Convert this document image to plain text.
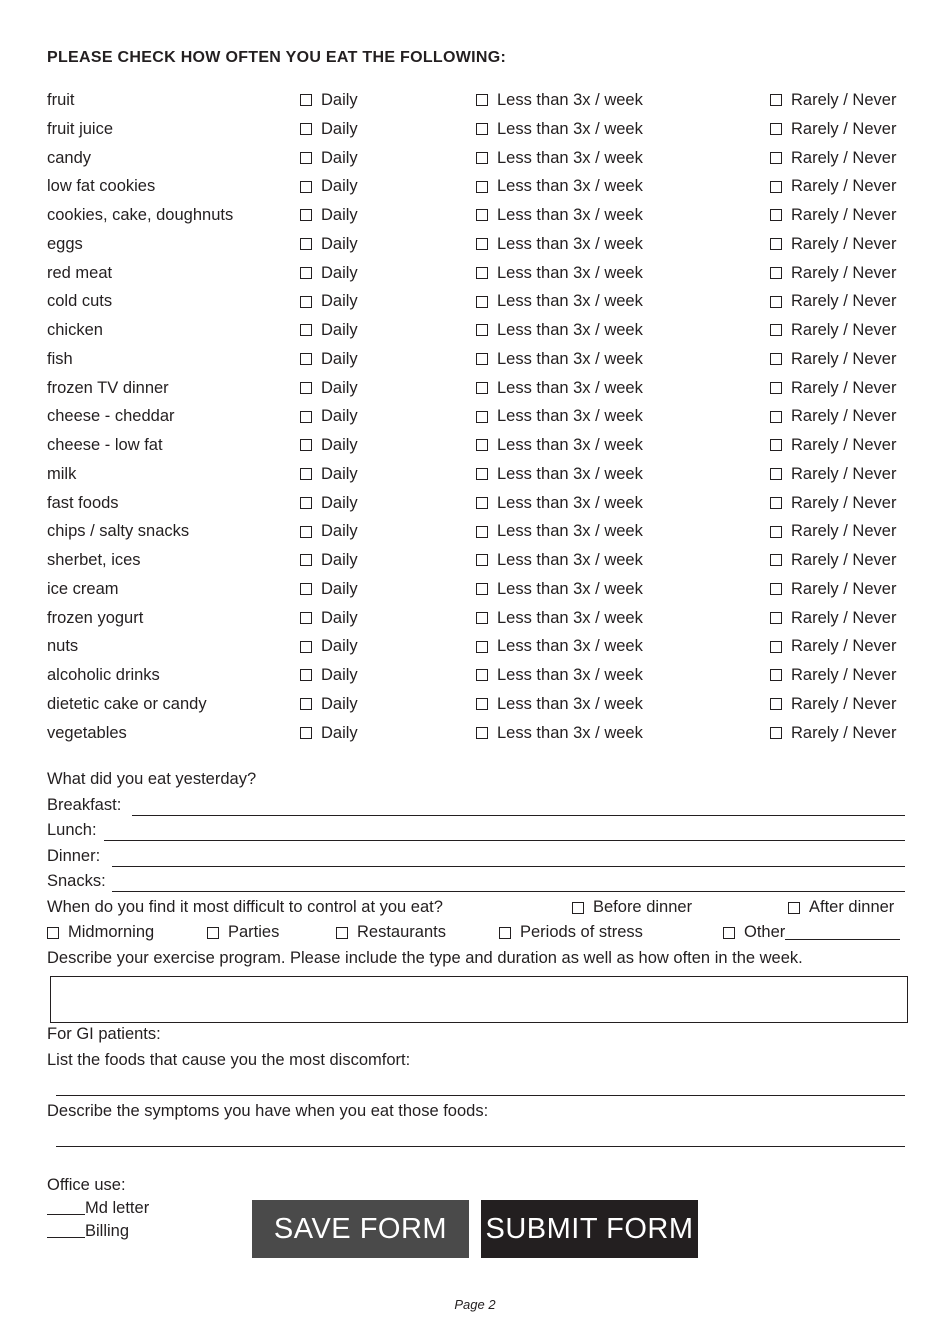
PLEASE CHECK HOW OFTEN YOU EAT THE FOLLOWING:
fruit	Daily	Less than 3x / week	Rarely / Never
fruit juice	Daily	Less than 3x / week	Rarely / Never
candy	Daily	Less than 3x / week	Rarely / Never
low fat cookies	Daily	Less than 3x / week	Rarely / Never
cookies, cake, doughnuts	Daily	Less than 3x / week	Rarely / Never
eggs	Daily	Less than 3x / week	Rarely / Never
red meat	Daily	Less than 3x / week	Rarely / Never
cold cuts	Daily	Less than 3x / week	Rarely / Never
chicken	Daily	Less than 3x / week	Rarely / Never
fish	Daily	Less than 3x / week	Rarely / Never
frozen TV dinner	Daily	Less than 3x / week	Rarely / Never
cheese - cheddar	Daily	Less than 3x / week	Rarely / Never
cheese - low fat	Daily	Less than 3x / week	Rarely / Never
milk	Daily	Less than 3x / week	Rarely / Never
fast foods	Daily	Less than 3x / week	Rarely / Never
chips / salty snacks	Daily	Less than 3x / week	Rarely / Never
sherbet, ices	Daily	Less than 3x / week	Rarely / Never
ice cream	Daily	Less than 3x / week	Rarely / Never
frozen yogurt	Daily	Less than 3x / week	Rarely / Never
nuts	Daily	Less than 3x / week	Rarely / Never
alcoholic drinks	Daily	Less than 3x / week	Rarely / Never
dietetic cake or candy	Daily	Less than 3x / week	Rarely / Never
vegetables	Daily	Less than 3x / week	Rarely / Never
What did you eat yesterday?
Breakfast:
Lunch:
Dinner:
Snacks:
When do you find it most difficult to control at you eat?	Before dinner	After dinner
Midmorning	Parties	Restaurants	Periods of stress	Other
Describe your exercise program. Please include the type and duration as well as how often in the week.
For GI patients:
List the foods that cause you the most discomfort:
Describe the symptoms you have when you eat those foods:
Office use:
Md letter
Billing	SAVE FORM	SUBMIT FORM
Page 2
